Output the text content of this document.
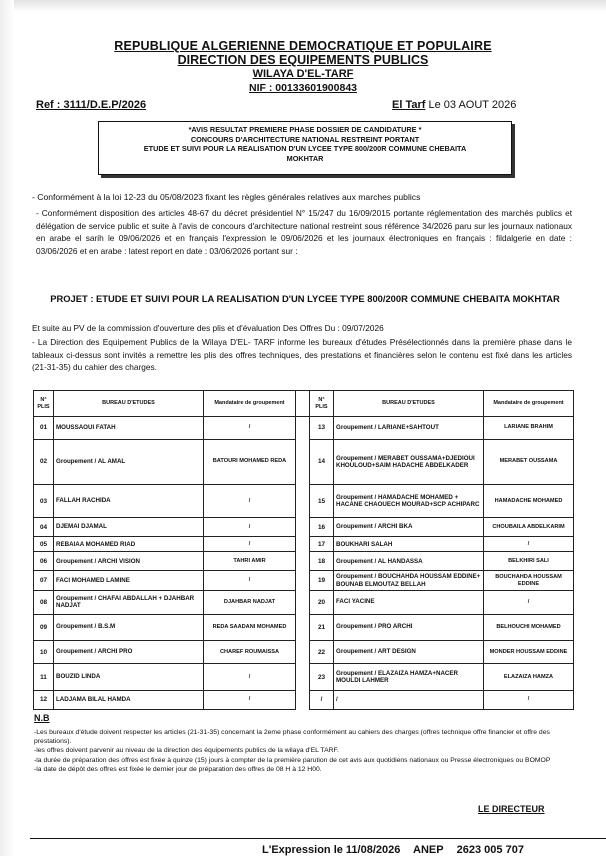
REPUBLIQUE ALGERIENNE DEMOCRATIQUE ET POPULAIRE
DIRECTION DES EQUIPEMENTS PUBLICS
WILAYA D'EL-TARF
NIF : 00133601900843
Ref : 3111/D.E.P/2026	El Tarf Le 03 AOUT 2026
*AVIS RESULTAT PREMIERE PHASE DOSSIER DE CANDIDATURE *
CONCOURS D'ARCHITECTURE NATIONAL RESTREINT PORTANT
ETUDE ET SUIVI POUR LA REALISATION D'UN LYCEE TYPE 800/200R COMMUNE CHEBAITA
MOKHTAR
- Conformément à la loi 12-23 du 05/08/2023 fixant les règles générales relatives aux marches publics
- Conformément disposition des articles 48-67 du décret présidentiel N° 15/247 du 16/09/2015 portante réglementation des marchés publics et délégation de service public et suite à l'avis de concours d'architecture national restreint sous référence 34/2026 paru sur les journaux nationaux en arabe el sarih le 09/06/2026 et en français l'expression le 09/06/2026 et les journaux électroniques en français : fildalgerie en date : 03/06/2026 et en arabe : latest report en date : 03/06/2026 portant sur :
PROJET : ETUDE ET SUIVI POUR LA REALISATION D'UN LYCEE TYPE 800/200R COMMUNE CHEBAITA MOKHTAR
Et suite au PV de la commission d'ouverture des plis et d'évaluation Des Offres Du : 09/07/2026
- La Direction des Equipement Publics de la Wilaya D'EL- TARF informe les bureaux d'études Présélectionnés dans la première phase dans le tableaux ci-dessus sont invités a remettre les plis des offres techniques, des prestations et financières selon le contenu est fixé dans les articles (21-31-35) du cahier des charges.
N° PLIS	BUREAU D'ETUDES	Mandataire de groupement		N° PLIS	BUREAU D'ETUDES	Mandataire de groupement
01	MOUSSAOUI FATAH	/		13	Groupement / LARIANE+SAHTOUT	LARIANE BRAHIM
02	Groupement / AL AMAL	BATOURI MOHAMED REDA		14	Groupement / MERABET OUSSAMA+DJEDIOUI KHOULOUD+SAIM HADACHE ABDELKADER	MERABET OUSSAMA
03	FALLAH RACHIDA	/		15	Groupement / HAMADACHE MOHAMED + HACANE CHAOUECH MOURAD+SCP ACHIPARC	HAMADACHE MOHAMED
04	DJEMAI DJAMAL	/		16	Groupement / ARCHI BKA	CHOUBAILA ABDELKARIM
05	REBAIAA MOHAMED RIAD	/		17	BOUKHARI SALAH	/
06	Groupement / ARCHI VISION	TAHRI AMIR		18	Groupement / AL HANDASSA	BELKHIRI SALI
07	FACI MOHAMED LAMINE	/		19	Groupement / BOUCHAHDA HOUSSAM EDDINE+ BOUNAB ELMOUTAZ BELLAH	BOUCHAHDA HOUSSAM EDDINE
08	Groupement / CHAFAI ABDALLAH + DJAHBAR NADJAT	DJAHBAR NADJAT		20	FACI YACINE	/
09	Groupement / B.S.M	REDA SAADANI MOHAMED		21	Groupement / PRO ARCHI	BELHOUCHI MOHAMED
10	Groupement / ARCHI PRO	CHAREF ROUMAISSA		22	Groupement / ART DESIGN	MONDER HOUSSAM EDDINE
11	BOUZID LINDA	/		23	Groupement / ELAZAIZA HAMZA+NACER MOULDI LAHMER	ELAZAIZA HAMZA
12	LADJAMA BILAL HAMDA	/		/	/	/
N.B
-Les bureaux d'étude doivent respecter les articles (21-31-35) concernant la 2eme phase conformément au cahiers des charges (offres technique offre financier et offre des prestations).
-les offres doivent parvenir au niveau de la direction des équipements publics de la wilaya d'EL TARF.
-la durée de préparation des offres est fixée à quinze (15) jours à compter de la première parution de cet avis aux quotidiens nationaux ou Presse électroniques ou BOMOP
-la date de dépôt des offres est fixée le dernier jour de préparation des offres de 08 H à 12 H00.
LE DIRECTEUR
L'Expression le 11/08/2026 ANEP 2623 005 707
